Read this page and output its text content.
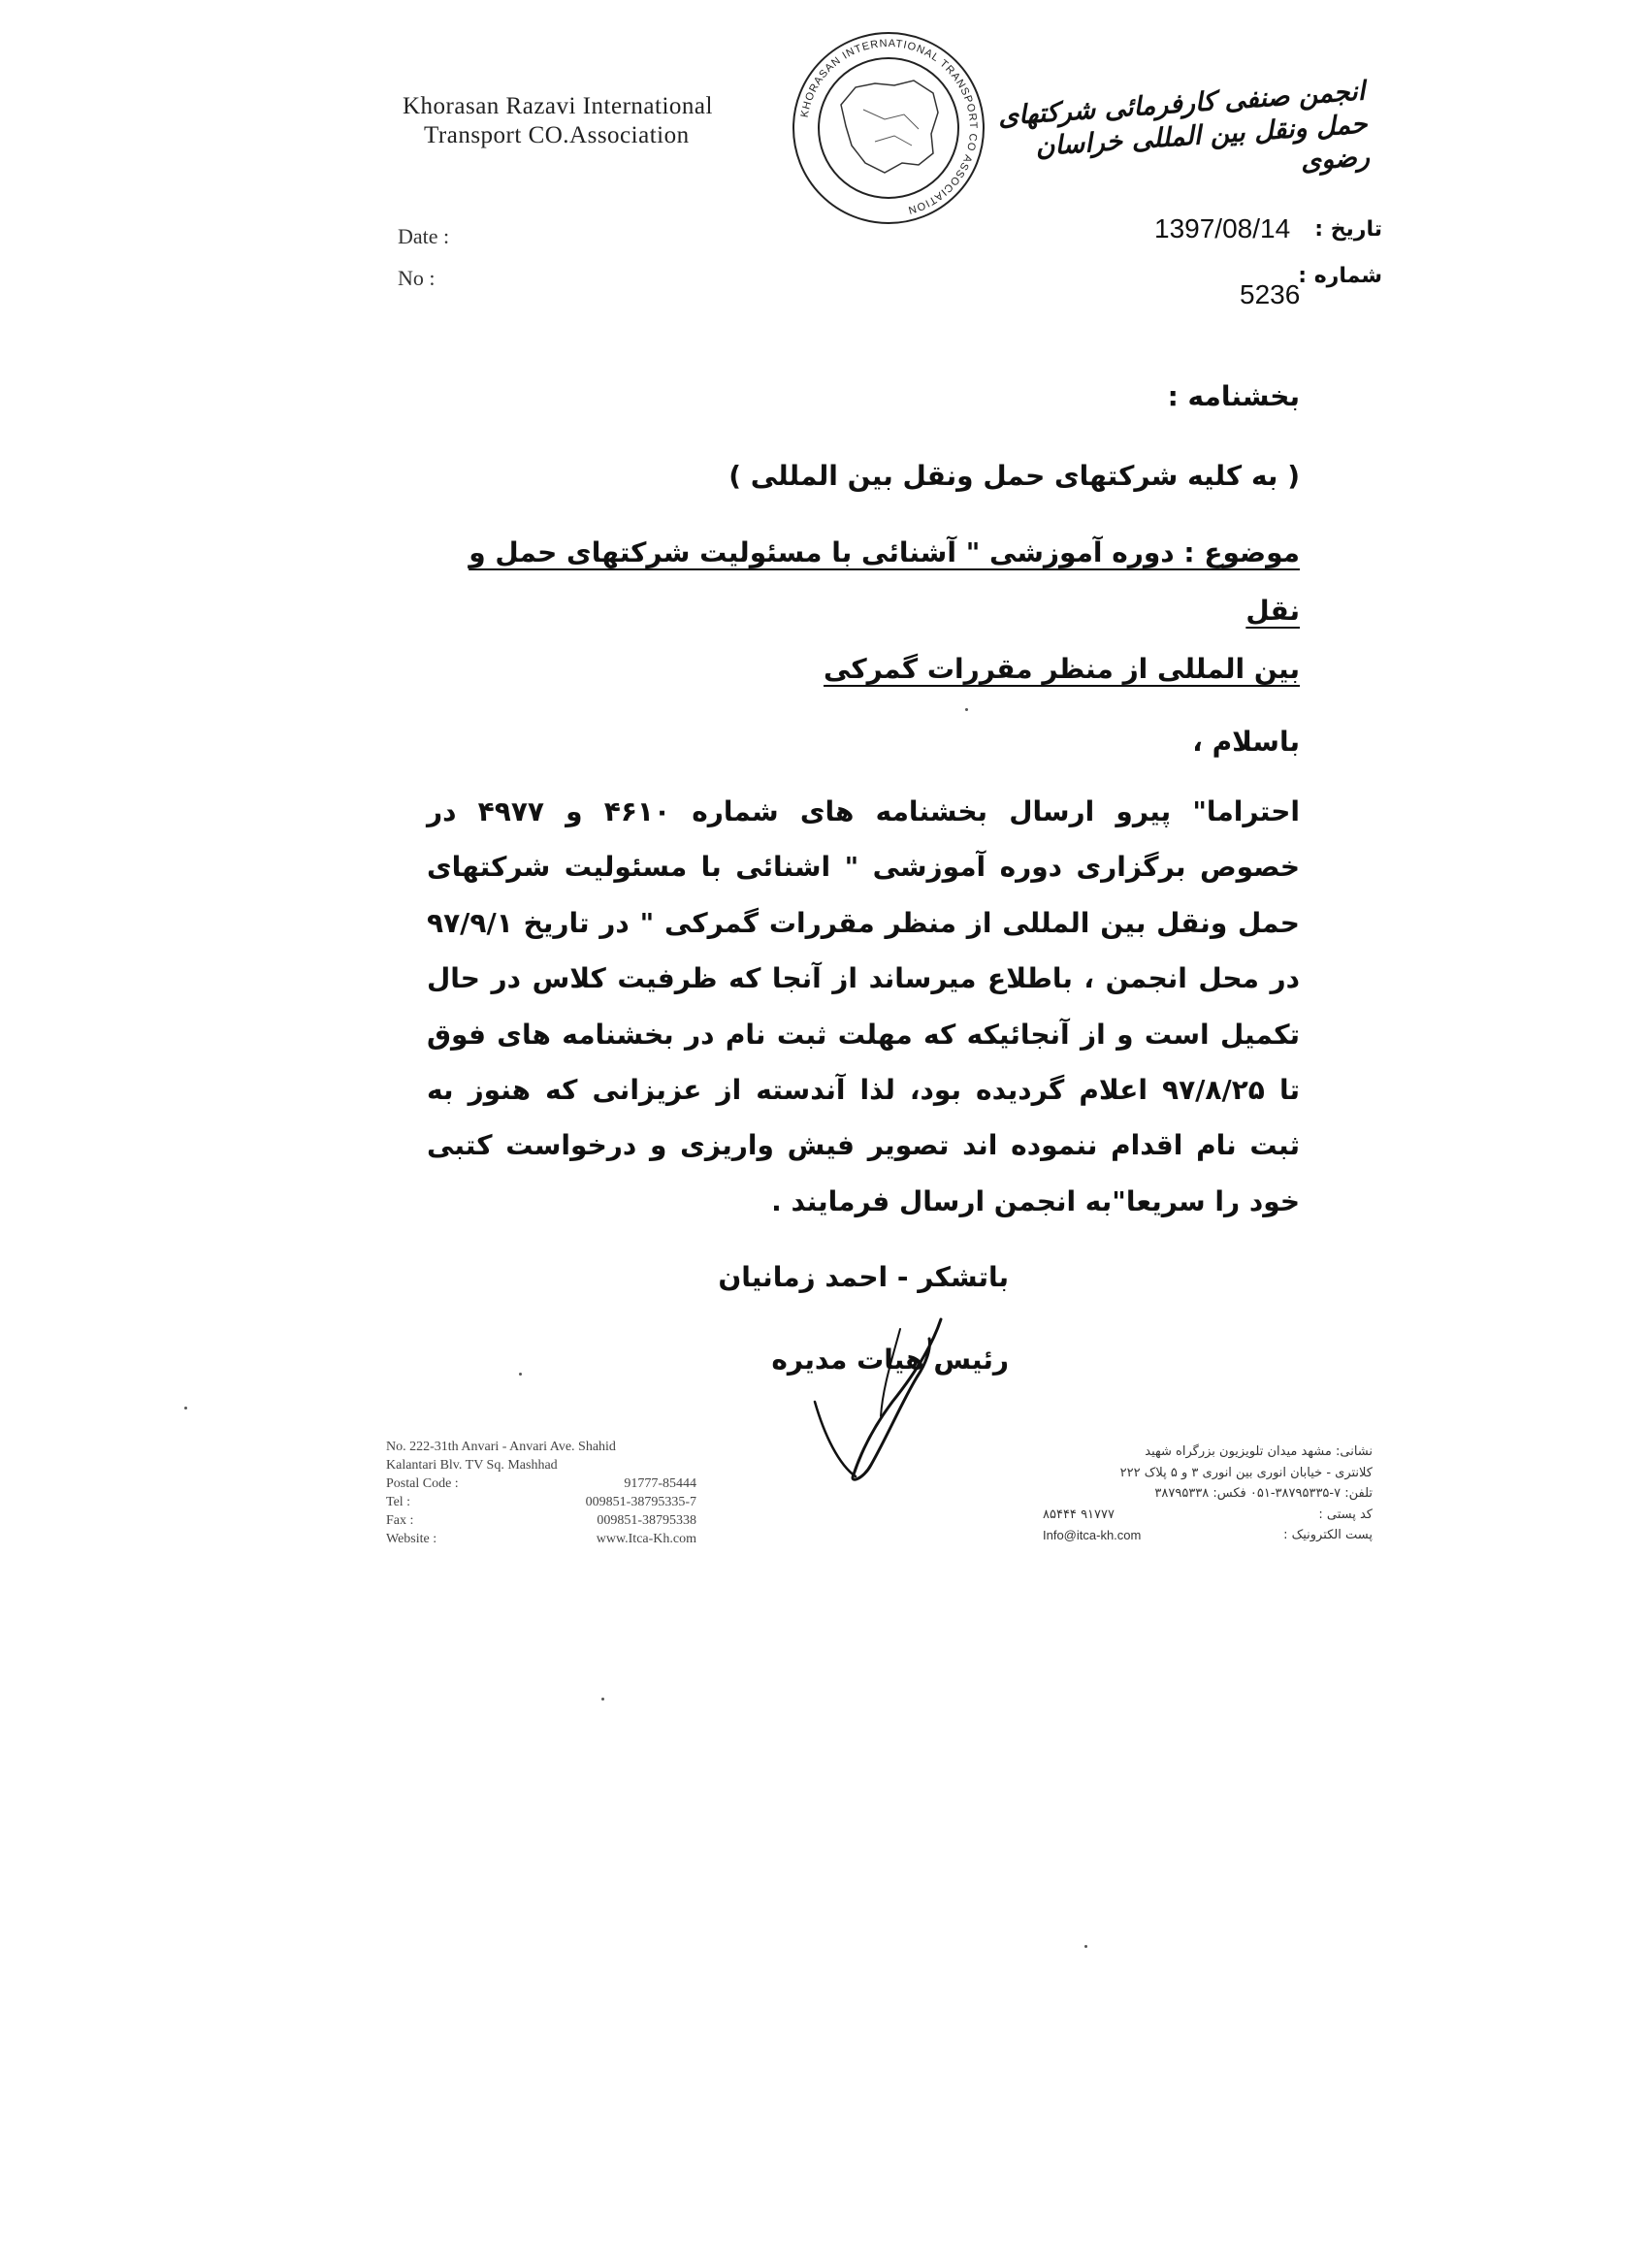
Khorasan Razavi International
Transport CO.Association
KHORASAN INTERNATIONAL TRANSPORT CO ASSOCIATION
انجمن صنفی کارفرمائی شرکتهای حمل ونقل بین المللی خراسان رضوی
Date :
No :
تاریخ :
1397/08/14
شماره :
5236
بخشنامه :
( به کلیه شرکتهای حمل ونقل بین المللی )
موضوع : دوره آموزشی " آشنائی با مسئولیت شرکتهای حمل و نقل
بین المللی از منظر مقررات گمرکی
باسلام ،
احتراما" پیرو ارسال بخشنامه های شماره ۴۶۱۰ و ۴۹۷۷ در خصوص برگزاری دوره آموزشی " اشنائی با مسئولیت شرکتهای حمل ونقل بین المللی از منظر مقررات گمرکی " در تاریخ ۹۷/۹/۱ در محل انجمن ، باطلاع میرساند از آنجا که ظرفیت کلاس در حال تکمیل است و از آنجائیکه که مهلت ثبت نام در بخشنامه های فوق تا ۹۷/۸/۲۵ اعلام گردیده بود، لذا آندسته از عزیزانی که هنوز به ثبت نام اقدام ننموده اند تصویر فیش واریزی و درخواست کتبی خود را سریعا"به انجمن ارسال فرمایند .
باتشکر - احمد زمانیان
رئیس هیات مدیره
No. 222-31th Anvari - Anvari Ave. Shahid
Kalantari Blv. TV Sq. Mashhad
Postal Code :	91777-85444
Tel :	009851-38795335-7
Fax :	009851-38795338
Website :	www.Itca-Kh.com
نشانی: مشهد میدان تلویزیون بزرگراه شهید
کلانتری - خیابان انوری بین انوری ۳ و ۵ پلاک ۲۲۲
تلفن: ۷-۳۸۷۹۵۳۳۵-۰۵۱ فکس: ۳۸۷۹۵۳۳۸
کد پستی :
۹۱۷۷۷ ۸۵۴۴۴
پست الکترونیک :
Info@itca-kh.com
